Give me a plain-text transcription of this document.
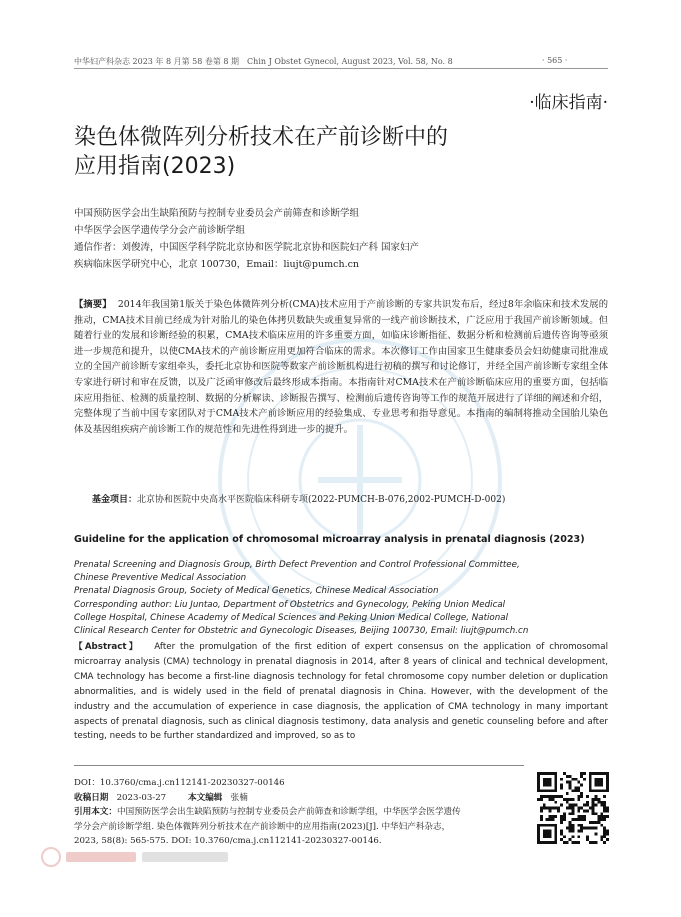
中华妇产科杂志 2023 年 8 月第 58 卷第 8 期　Chin J Obstet Gynecol, August 2023, Vol. 58, No. 8	· 565 ·
·临床指南·
染色体微阵列分析技术在产前诊断中的
应用指南(2023)
中国预防医学会出生缺陷预防与控制专业委员会产前筛查和诊断学组
中华医学会医学遗传学分会产前诊断学组
通信作者：刘俊涛，中国医学科学院北京协和医学院北京协和医院妇产科 国家妇产
疾病临床医学研究中心，北京 100730，Email：liujt@pumch.cn
【摘要】 2014年我国第1版关于染色体微阵列分析(CMA)技术应用于产前诊断的专家共识发布后，经过8年余临床和技术发展的推动，CMA技术目前已经成为针对胎儿的染色体拷贝数缺失或重复异常的一线产前诊断技术，广泛应用于我国产前诊断领域。但随着行业的发展和诊断经验的积累，CMA技术临床应用的许多重要方面，如临床诊断指征、数据分析和检测前后遗传咨询等亟须进一步规范和提升，以使CMA技术的产前诊断应用更加符合临床的需求。本次修订工作由国家卫生健康委员会妇幼健康司批准成立的全国产前诊断专家组牵头，委托北京协和医院等数家产前诊断机构进行初稿的撰写和讨论修订，并经全国产前诊断专家组全体专家进行研讨和审在反馈，以及广泛函审修改后最终形成本指南。本指南针对CMA技术在产前诊断临床应用的重要方面，包括临床应用指征、检测的质量控制、数据的分析解读、诊断报告撰写、检测前后遗传咨询等工作的规范开展进行了详细的阐述和介绍，完整体现了当前中国专家团队对于CMA技术产前诊断应用的经验集成、专业思考和指导意见。本指南的编制将推动全国胎儿染色体及基因组疾病产前诊断工作的规范性和先进性得到进一步的提升。
基金项目：北京协和医院中央高水平医院临床科研专项(2022-PUMCH-B-076,2002-PUMCH-D-002)
Guideline for the application of chromosomal microarray analysis in prenatal diagnosis (2023)
Prenatal Screening and Diagnosis Group, Birth Defect Prevention and Control Professional Committee,
Chinese Preventive Medical Association
Prenatal Diagnosis Group, Society of Medical Genetics, Chinese Medical Association
Corresponding author: Liu Juntao, Department of Obstetrics and Gynecology, Peking Union Medical
College Hospital, Chinese Academy of Medical Sciences and Peking Union Medical College, National
Clinical Research Center for Obstetric and Gynecologic Diseases, Beijing 100730, Email: liujt@pumch.cn
【Abstract】 After the promulgation of the first edition of expert consensus on the application of chromosomal microarray analysis (CMA) technology in prenatal diagnosis in 2014, after 8 years of clinical and technical development, CMA technology has become a first-line diagnosis technology for fetal chromosome copy number deletion or duplication abnormalities, and is widely used in the field of prenatal diagnosis in China. However, with the development of the industry and the accumulation of experience in case diagnosis, the application of CMA technology in many important aspects of prenatal diagnosis, such as clinical diagnosis testimony, data analysis and genetic counseling before and after testing, needs to be further standardized and improved, so as to
DOI：10.3760/cma.j.cn112141-20230327-00146
收稿日期 2023-03-27	本文编辑 张楠
引用本文：中国预防医学会出生缺陷预防与控制专业委员会产前筛查和诊断学组，中华医学会医学遗传
学分会产前诊断学组. 染色体微阵列分析技术在产前诊断中的应用指南(2023)[J]. 中华妇产科杂志，
2023, 58(8): 565-575. DOI: 10.3760/cma.j.cn112141-20230327-00146.
